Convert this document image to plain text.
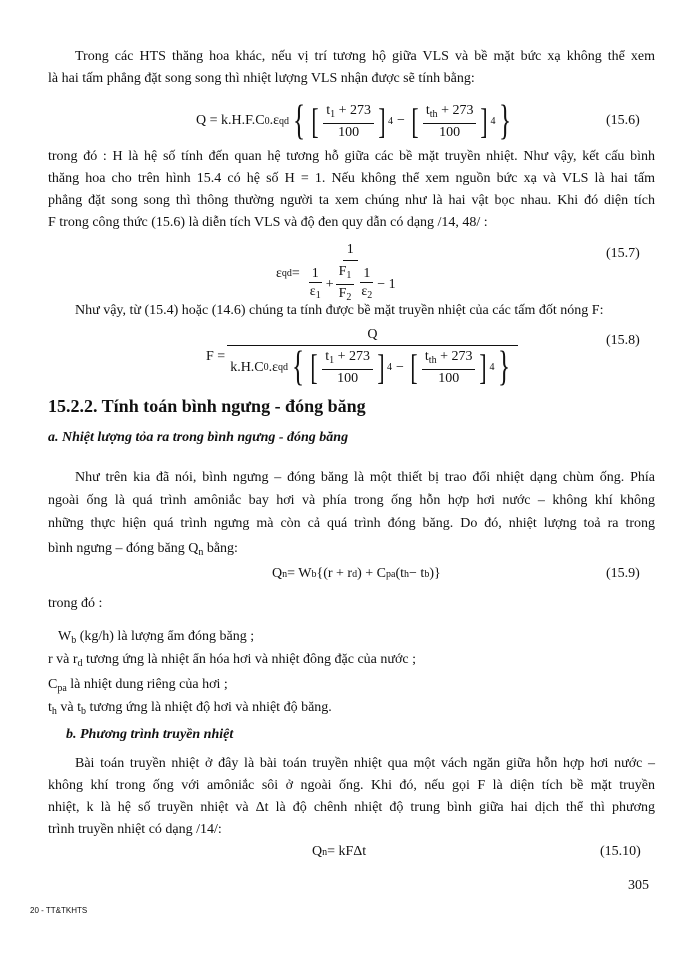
Trong các HTS thăng hoa khác, nếu vị trí tương hộ giữa VLS và bề mặt bức xạ không thể xem
là hai tấm phẳng đặt song song thì nhiệt lượng VLS nhận được sẽ tính bằng:
Q = k.H.F.C 0 .ε qd { [ $\frac{t_1 + 273}{100}$ ] 4 − [ $\frac{t_{th} + 273}{100}$ ] 4 }	(15.6)
trong đó : H là hệ số tính đến quan hệ tương hỗ giữa các bề mặt truyền nhiệt. Như vậy, kết cấu bình
thăng hoa cho trên hình 15.4 có hệ số H = 1. Nếu không thể xem nguồn bức xạ và VLS là hai tấm
phẳng đặt song song thì thông thường người ta xem chúng như là hai vật bọc nhau. Khi đó diện tích
F trong công thức (15.6) là diễn tích VLS và độ đen quy dẫn có dạng /14, 48/ :
ε qd = $\frac{1}{\frac{1}{\varepsilon_1} + \frac{F_1}{F_2} \frac{1}{\varepsilon_2} - 1}$	(15.7)
Như vậy, từ (15.4) hoặc (14.6) chúng ta tính được bề mặt truyền nhiệt của các tấm đốt nóng F:
F =
Q
k.H.C 0 .ε qd { [ $\frac{t_1 + 273}{100}$ ] 4 − [ $\frac{t_{th} + 273}{100}$ ] 4 }
(15.8)
15.2.2. Tính toán bình ngưng - đóng băng
a. Nhiệt lượng tỏa ra trong bình ngưng - đóng băng
Như trên kia đã nói, bình ngưng – đóng băng là một thiết bị trao đổi nhiệt dạng chùm ống. Phía
ngoài ống là quá trình amôniắc bay hơi và phía trong ống hỗn hợp hơi nước – không khí không
những thực hiện quá trình ngưng mà còn cả quá trình đóng băng. Do đó, nhiệt lượng toả ra trong
bình ngưng – đóng băng $Q_n$ bằng:
Q n = W b {(r + r d ) + C pa (t h − t b )}	(15.9)
trong đó :
$W_b$ (kg/h) là lượng ẩm đóng băng ;
r và $r_d$ tương ứng là nhiệt ẩn hóa hơi và nhiệt đông đặc của nước ;
$C_{pa}$ là nhiệt dung riêng của hơi ;
$t_h$ và $t_b$ tương ứng là nhiệt độ hơi và nhiệt độ băng.
b. Phương trình truyền nhiệt
Bài toán truyền nhiệt ở đây là bài toán truyền nhiệt qua một vách ngăn giữa hỗn hợp hơi nước –
không khí trong ống với amôniắc sôi ở ngoài ống. Khi đó, nếu gọi F là diện tích bề mặt truyền
nhiệt, k là hệ số truyền nhiệt và Δt là độ chênh nhiệt độ trung bình giữa hai dịch thể thì phương
trình truyền nhiệt có dạng /14/:
Q n = kFΔt	(15.10)
305
20 - TT&TKHTS
